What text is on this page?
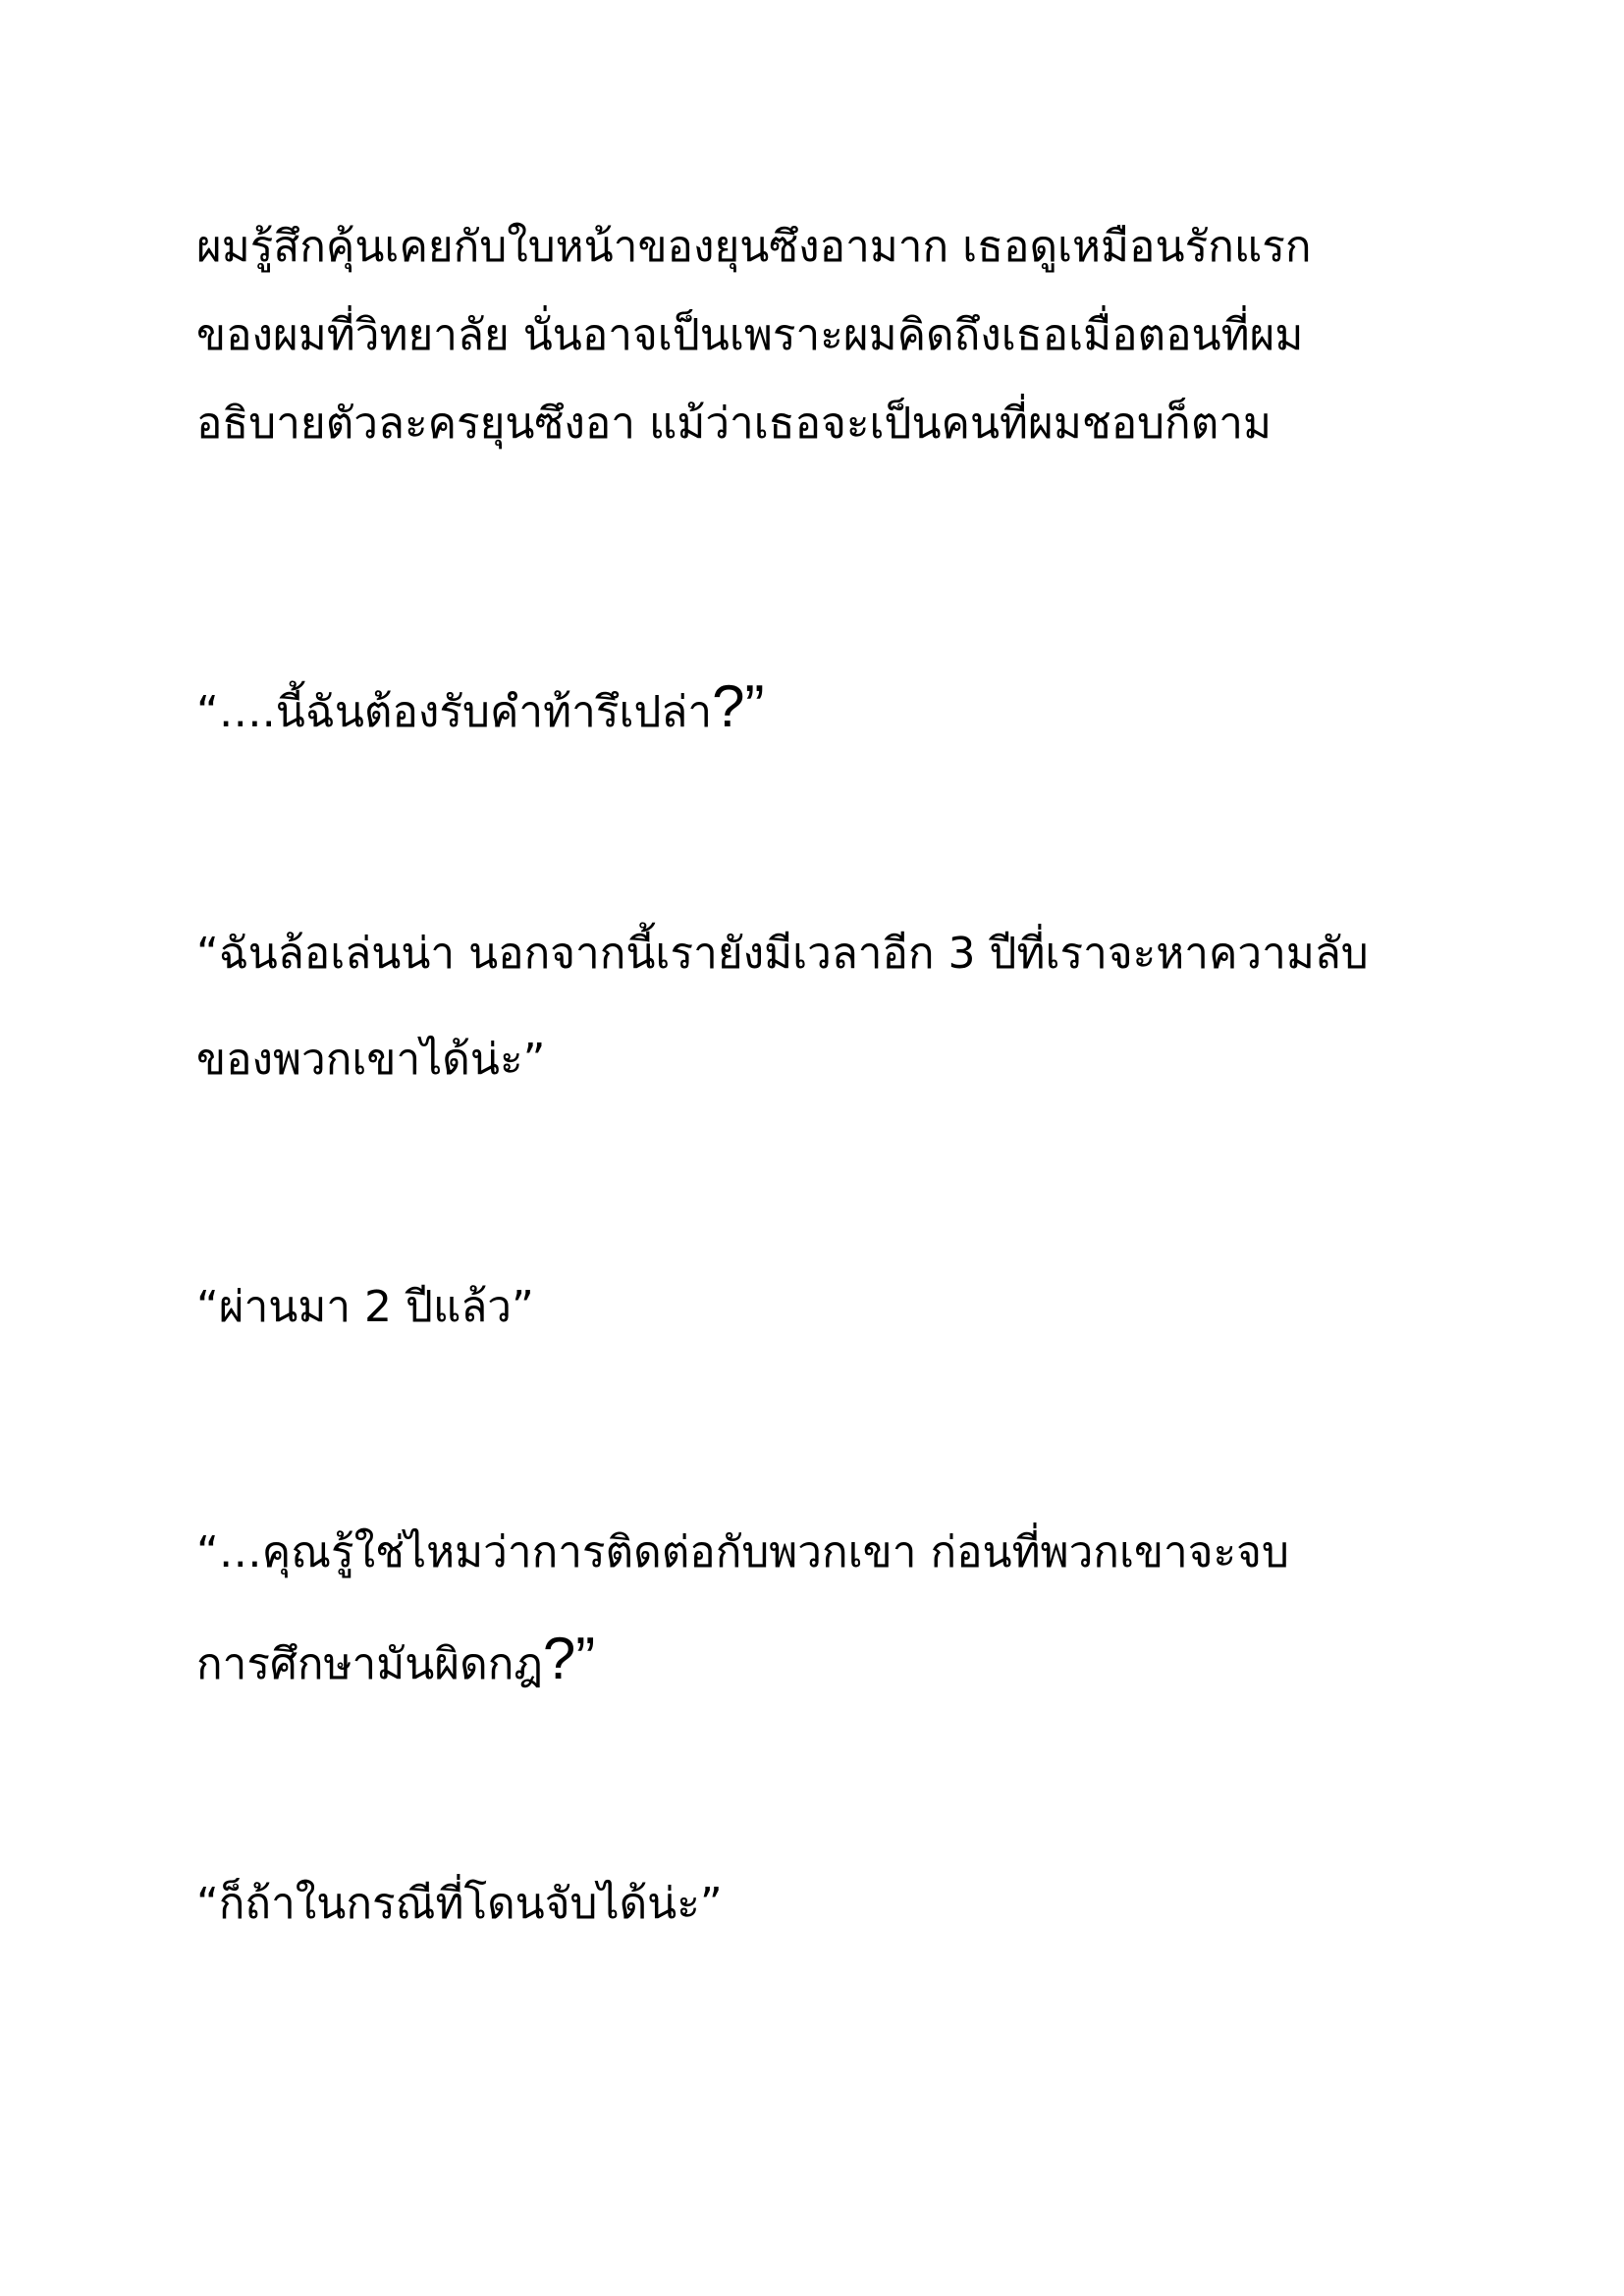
ผมรู้สึกคุ้นเคยกับใบหน้าของยุนซึงอามาก เธอดูเหมือนรักแรก
ของผมที่วิทยาลัย นั่นอาจเป็นเพราะผมคิดถึงเธอเมื่อตอนที่ผม
อธิบายตัวละครยุนซึงอา แม้ว่าเธอจะเป็นคนที่ผมชอบก็ตาม
“….นี้ฉันต้องรับคำท้ารึเปล่า?”
“ฉันล้อเล่นน่า นอกจากนี้เรายังมีเวลาอีก 3 ปีที่เราจะหาความลับ
ของพวกเขาได้น่ะ”
“ผ่านมา 2 ปีแล้ว”
“…คุณรู้ใช่ไหมว่าการติดต่อกับพวกเขา ก่อนที่พวกเขาจะจบ
การศึกษามันผิดกฎ?”
“ก็ถ้าในกรณีที่โดนจับได้น่ะ”
